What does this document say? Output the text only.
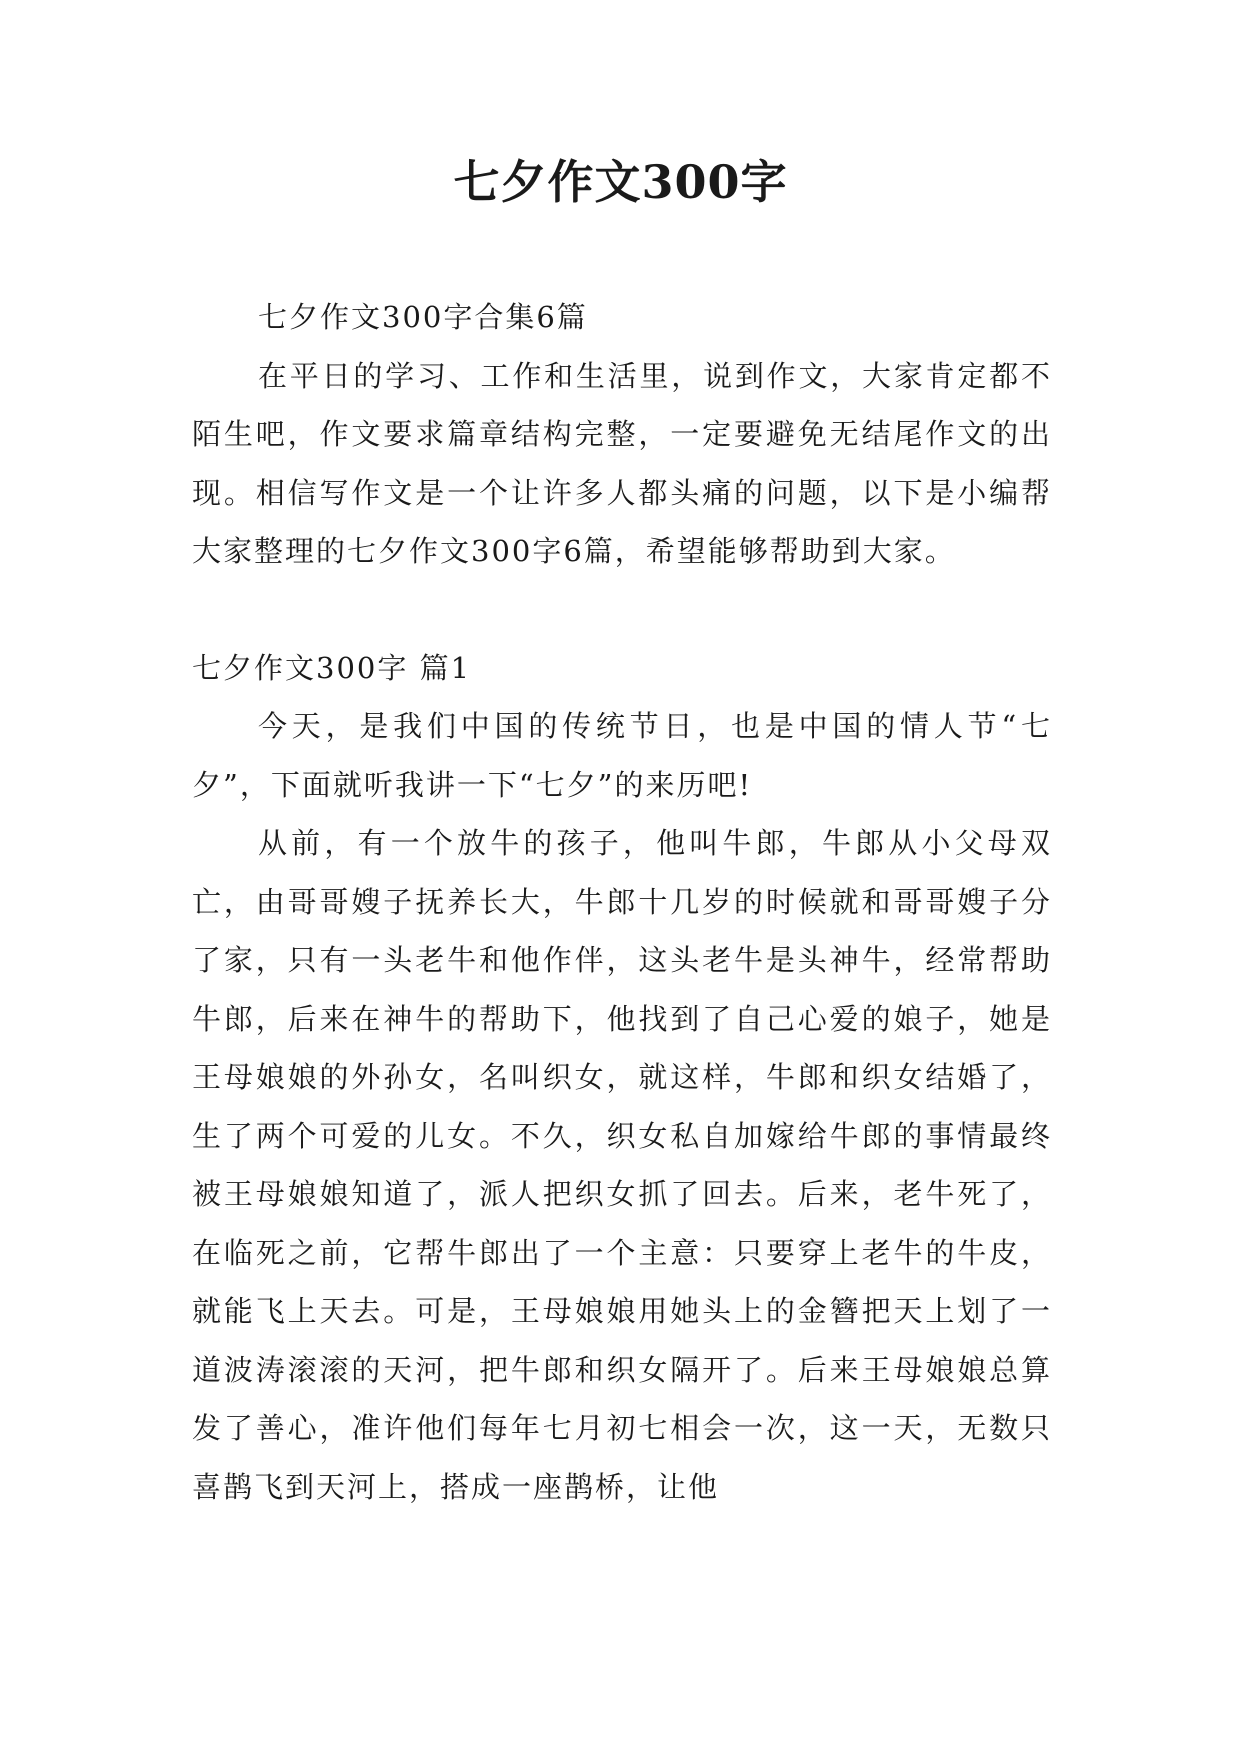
七夕作文300字

七夕作文300字合集6篇

在平日的学习、工作和生活里，说到作文，大家肯定都不陌生吧，作文要求篇章结构完整，一定要避免无结尾作文的出现。相信写作文是一个让许多人都头痛的问题，以下是小编帮大家整理的七夕作文300字6篇，希望能够帮助到大家。

七夕作文300字 篇1

今天，是我们中国的传统节日，也是中国的情人节“七夕”，下面就听我讲一下“七夕”的来历吧!

从前，有一个放牛的孩子，他叫牛郎，牛郎从小父母双亡，由哥哥嫂子抚养长大，牛郎十几岁的时候就和哥哥嫂子分了家，只有一头老牛和他作伴，这头老牛是头神牛，经常帮助牛郎，后来在神牛的帮助下，他找到了自己心爱的娘子，她是王母娘娘的外孙女，名叫织女，就这样，牛郎和织女结婚了，生了两个可爱的儿女。不久，织女私自加嫁给牛郎的事情最终被王母娘娘知道了，派人把织女抓了回去。后来，老牛死了，在临死之前，它帮牛郎出了一个主意：只要穿上老牛的牛皮，就能飞上天去。可是，王母娘娘用她头上的金簪把天上划了一道波涛滚滚的天河，把牛郎和织女隔开了。后来王母娘娘总算发了善心，准许他们每年七月初七相会一次，这一天，无数只喜鹊飞到天河上，搭成一座鹊桥，让他
